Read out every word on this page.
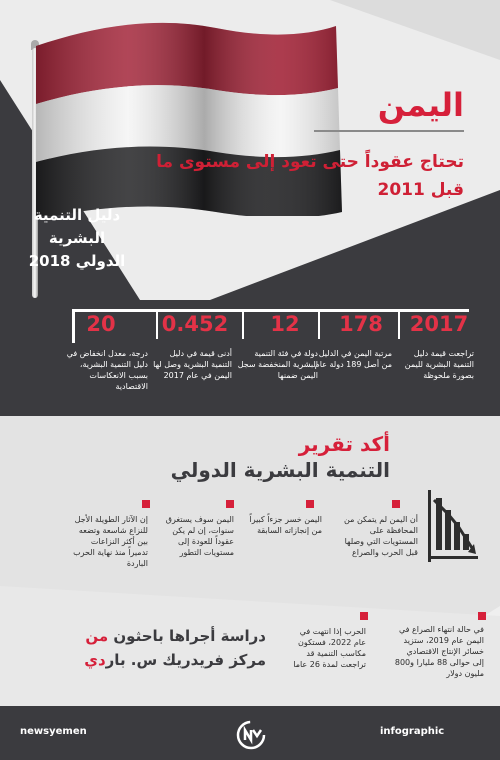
اليمن
تحتاج عقوداً حتى تعود إلى مستوى ما قبل 2011
دليل التنمية البشرية الدولي 2018
2017
تراجعت قيمة دليل التنمية البشرية لليمن بصورة ملحوظة
178
مرتبة اليمن في الدليل من أصل 189 دولة عام
12
دولة في فئة التنمية البشرية المنخفضة سجل اليمن ضمنها
0.452
أدنى قيمة في دليل التنمية البشرية وصل لها اليمن في عام 2017
20
درجة، معدل انخفاض في دليل التنمية البشرية، بسبب الانعكاسات الاقتصادية
أكد تقرير
التنمية البشرية الدولي
أن اليمن لم يتمكن من المحافظة على المستويات التي وصلها قبل الحرب والصراع
اليمن خسر جزءاً كبيراً من إنجازاته السابقة
اليمن سوف يستغرق سنوات، إن لم يكن عقوداً للعودة إلى مستويات التطور
إن الآثار الطويلة الأجل للنزاع شاسعة وتضعه بين أكثر النزاعات تدميراً منذ نهاية الحرب الباردة
في حالة انتهاء الصراع في اليمن عام 2019، ستزيد خسائر الإنتاج الاقتصادي إلى حوالى 88 مليارا و800 مليون دولار
الحرب إذا انتهت في عام 2022، فستكون مكاسب التنمية قد تراجعت لمدة 26 عاما
دراسة أجراها باحثون من
مركز فريدريك س. باردي
newsyemen	infographic
